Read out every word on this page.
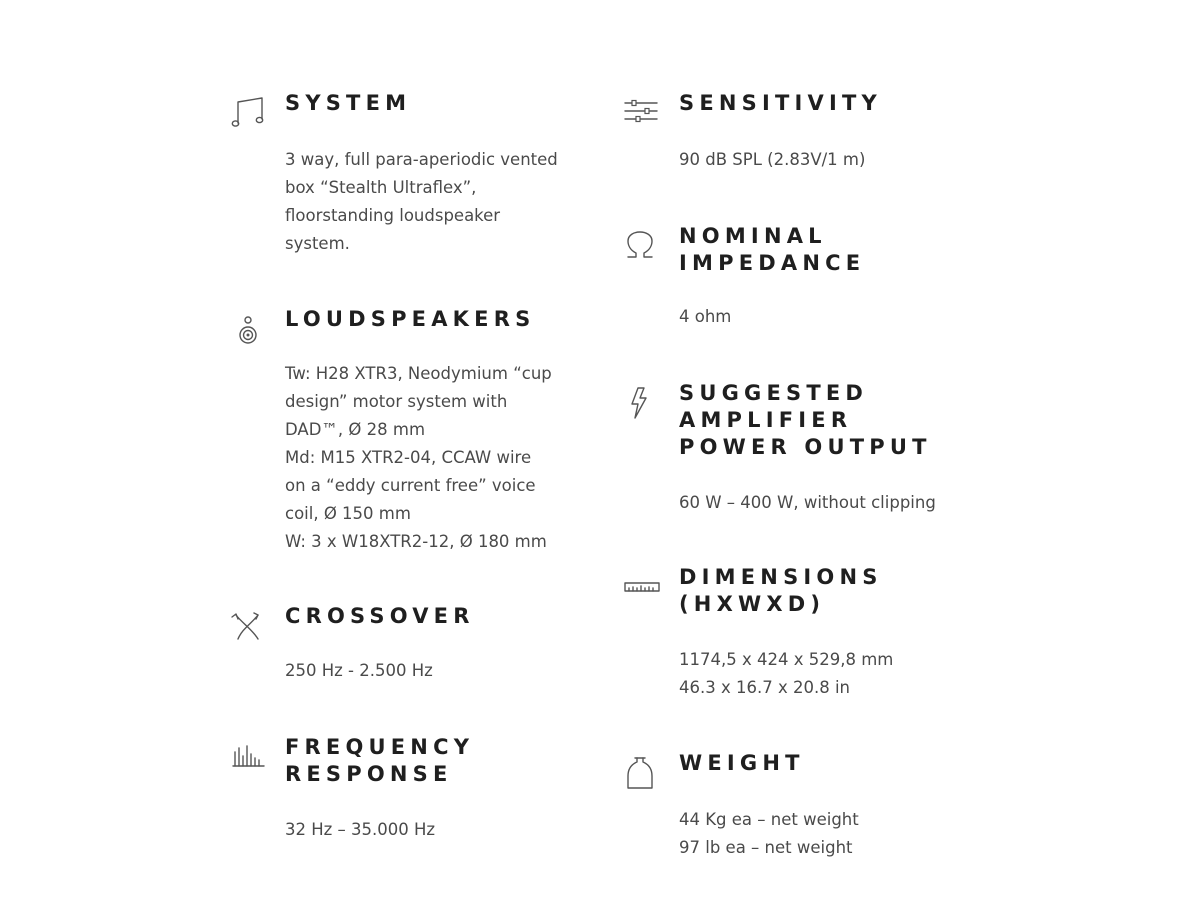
SYSTEM
3 way, full para-aperiodic vented
box “Stealth Ultraflex”,
floorstanding loudspeaker
system.
LOUDSPEAKERS
Tw: H28 XTR3, Neodymium “cup
design” motor system with
DAD™, Ø 28 mm
Md: M15 XTR2-04, CCAW wire
on a “eddy current free” voice
coil, Ø 150 mm
W: 3 x W18XTR2-12, Ø 180 mm
CROSSOVER
250 Hz - 2.500 Hz
FREQUENCY
RESPONSE
32 Hz – 35.000 Hz
SENSITIVITY
90 dB SPL (2.83V/1 m)
NOMINAL
IMPEDANCE
4 ohm
SUGGESTED
AMPLIFIER
POWER OUTPUT
60 W – 400 W, without clipping
DIMENSIONS
(HXWXD)
1174,5 x 424 x 529,8 mm
46.3 x 16.7 x 20.8 in
WEIGHT
44 Kg ea – net weight
97 lb ea – net weight
